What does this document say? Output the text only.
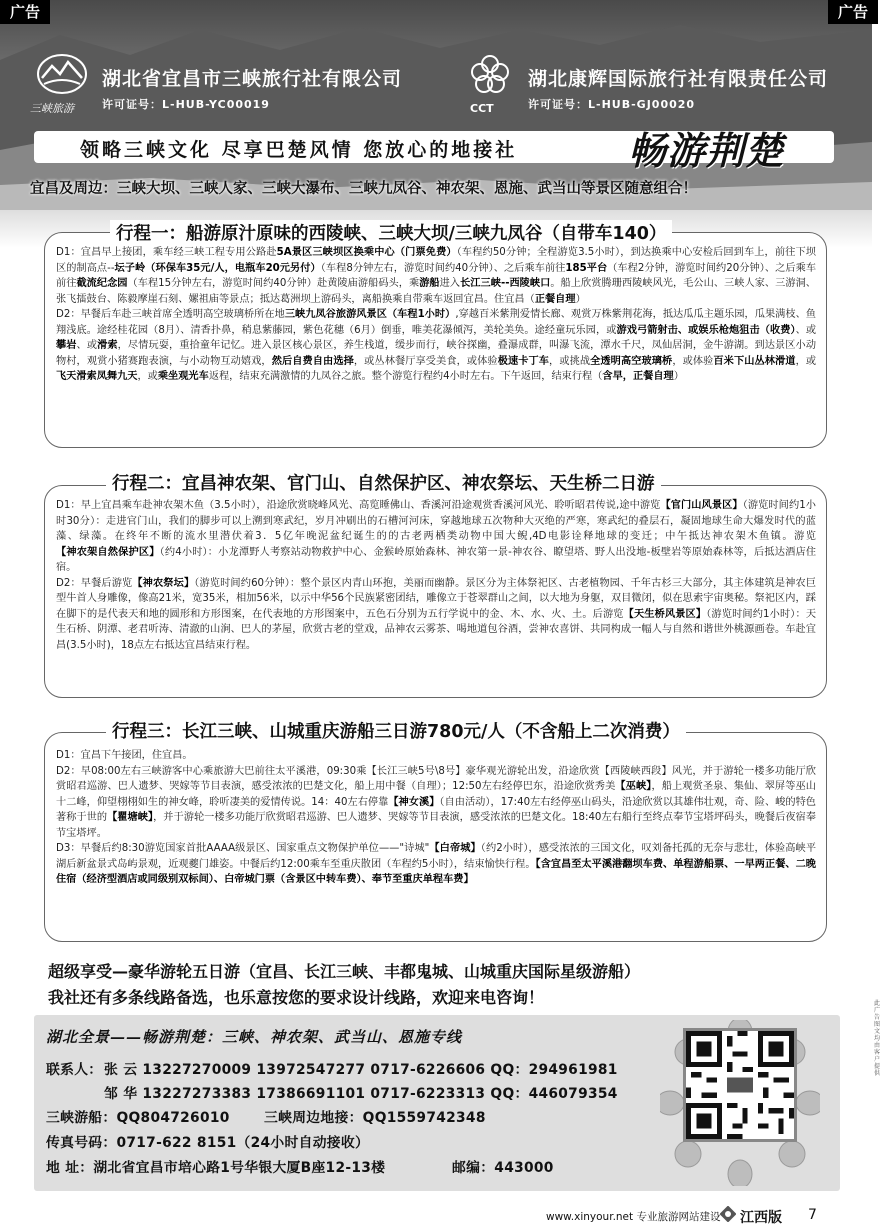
广告	广告
三峡旅游
湖北省宜昌市三峡旅行社有限公司
许可证号：L-HUB-YC00019	CCT
湖北康辉国际旅行社有限责任公司
许可证号：L-HUB-GJ00020
领略三峡文化 尽享巴楚风情 您放心的地接社	畅游荆楚
宜昌及周边：三峡大坝、三峡人家、三峡大瀑布、三峡九凤谷、神农架、恩施、武当山等景区随意组合！
行程一：船游原汁原味的西陵峡、三峡大坝/三峡九凤谷（自带车140）
D1：宜昌早上接团，乘车经三峡工程专用公路赴5A景区三峡坝区换乘中心（门票免费）（车程约50分钟；全程游览3.5小时），到达换乘中心安检后回到车上，前往下坝区的制高点--坛子岭（环保车35元/人，电瓶车20元另付）（车程8分钟左右，游览时间约40分钟）、之后乘车前往185平台（车程2分钟，游览时间约20分钟）、之后乘车前往截流纪念园（车程15分钟左右，游览时间约40分钟）赴黄陵庙游船码头，乘游船进入长江三峡--西陵峡口。船上欣赏腾珊西陵峡风光，毛公山、三峡人家、三游洞、张飞擂鼓台、陈毅摩崖石刻、嫘祖庙等景点；抵达葛洲坝上游码头，离船换乘自带乘车返回宜昌。住宜昌（正餐自理）
D2：早餐后车赴三峡首席全透明高空玻璃桥所在地三峡九凤谷旅游风景区（车程1小时）,穿越百米紫荆爱情长廊、观赏万株紫荆花海，抵达瓜瓜主题乐园，瓜果满枝、鱼翔浅底。途经桂花园（8月）、清香扑鼻，稍息紫藤园，紫色花穗（6月）倒垂，唯美花瀑倾泻，美轮美奂。途经童玩乐园，或游戏弓箭射击、或娱乐枪炮狙击（收费）、或攀岩、或滑索，尽情玩耍，重拾童年记忆。进入景区核心景区，养生栈道，缓步而行，峡谷探幽，叠瀑成群，叫瀑飞流，潭水千尺，凤仙居洞，金牛游湖。到达景区小动物村，观赏小猪赛跑表演，与小动物互动嬉戏，然后自费自由选择，或丛林餐厅享受美食，或体验极速卡丁车，或挑战全透明高空玻璃桥，或体验百米下山丛林滑道，或飞天滑索凤舞九天，或乘坐观光车返程，结束充满激情的九凤谷之旅。整个游览行程约4小时左右。下午返回，结束行程（含早，正餐自理）
行程二：宜昌神农架、官门山、自然保护区、神农祭坛、天生桥二日游
D1：早上宜昌乘车赴神农架木鱼（3.5小时），沿途欣赏晓峰风光、高览睡佛山、香溪河沿途观赏香溪河风光、聆听昭君传说,途中游览【官门山风景区】（游览时间约1小时30分）：走进官门山，我们的脚步可以上溯到寒武纪，岁月冲刷出的石槽河河床，穿越地球五次物种大灭绝的严寒，寒武纪的叠层石，凝固地球生命大爆发时代的蓝藻、绿藻。在终年不断的流水里潜伏着3．5亿年晚泥盆纪诞生的的古老两栖类动物中国大鲵,4D电影诠释地球的变迁；中午抵达神农架木鱼镇。游览【神农架自然保护区】（约4小时）：小龙潭野人考察站动物救护中心、金猴岭原始森林、神农第一景-神农谷、瞭望塔、野人出没地-板壁岩等原始森林等，后抵达酒店住宿。
D2：早餐后游览【神农祭坛】（游览时间约60分钟）：整个景区内青山环抱，美丽而幽静。景区分为主体祭祀区、古老植物园、千年古杉三大部分，其主体建筑是神农巨型牛首人身雕像，像高21米，宽35米，相加56米，以示中华56个民族紧密团结，雕像立于苍翠群山之间，以大地为身躯，双目微闭，似在思索宇宙奥秘。祭祀区内，踩在脚下的是代表天和地的圆形和方形图案，在代表地的方形图案中，五色石分别为五行学说中的金、木、水、火、土。后游览【天生桥风景区】（游览时间约1小时）：天生石桥、阴潭、老君听涛、清澈的山涧、巴人的茅屋，欣赏古老的堂戏，品神农云雾茶、喝地道包谷酒，尝神农喜饼、共同构成一幅人与自然和谐世外桃源画卷。车赴宜昌(3.5小时)，18点左右抵达宜昌结束行程。
行程三：长江三峡、山城重庆游船三日游780元/人（不含船上二次消费）
D1：宜昌下午接团，住宜昌。
D2：早08:00左右三峡游客中心乘旅游大巴前往太平溪港，09:30乘【长江三峡5号\8号】豪华观光游轮出发，沿途欣赏【西陵峡西段】风光，并于游轮一楼多功能厅欣赏昭君巡游、巴人遗梦、哭嫁等节目表演，感受浓浓的巴楚文化，船上用中餐（自理）；12:50左右经停巴东，沿途欣赏秀美【巫峡】，船上观赏圣泉、集仙、翠屏等巫山十二峰，仰望栩栩如生的神女峰，聆听凄美的爱情传说。14：40左右停靠【神女溪】（自由活动），17:40左右经停巫山码头，沿途欣赏以其雄伟壮观，奇、险、峻的特色著称于世的【瞿塘峡】，并于游轮一楼多功能厅欣赏昭君巡游、巴人遗梦、哭嫁等节目表演，感受浓浓的巴楚文化。18:40左右船行至终点奉节宝塔坪码头，晚餐后夜宿奉节宝塔坪。
D3：早餐后约8:30游览国家首批AAAA级景区、国家重点文物保护单位——"诗城"【白帝城】（约2小时），感受浓浓的三国文化，叹刘备托孤的无奈与悲壮，体验高峡平湖后新盆景式岛屿景观，近观夔门雄姿。中餐后约12:00乘车至重庆散团（车程约5小时），结束愉快行程。【含宜昌至太平溪港翻坝车费、单程游船票、一早两正餐、二晚住宿（经济型酒店或同级别双标间）、白帝城门票（含景区中转车费）、奉节至重庆单程车费】
超级享受—豪华游轮五日游（宜昌、长江三峡、丰都鬼城、山城重庆国际星级游船）
我社还有多条线路备选，也乐意按您的要求设计线路，欢迎来电咨询！
湖北全景——畅游荆楚：三峡、神农架、武当山、恩施专线
联系人： 张 云 13227270009 13972547277 0717-6226606 QQ：294961981
邹 华 13227273383 17386691101 0717-6223313 QQ：446079354
三峡游船：QQ804726010 三峡周边地接：QQ1559742348
传真号码：0717-622 8151（24小时自动接收）
地 址：湖北省宜昌市培心路1号华银大厦B座12-13楼	邮编：443000
www.xinyour.net 专业旅游网站建设 江西版 7
此广告图文均由客户提供
